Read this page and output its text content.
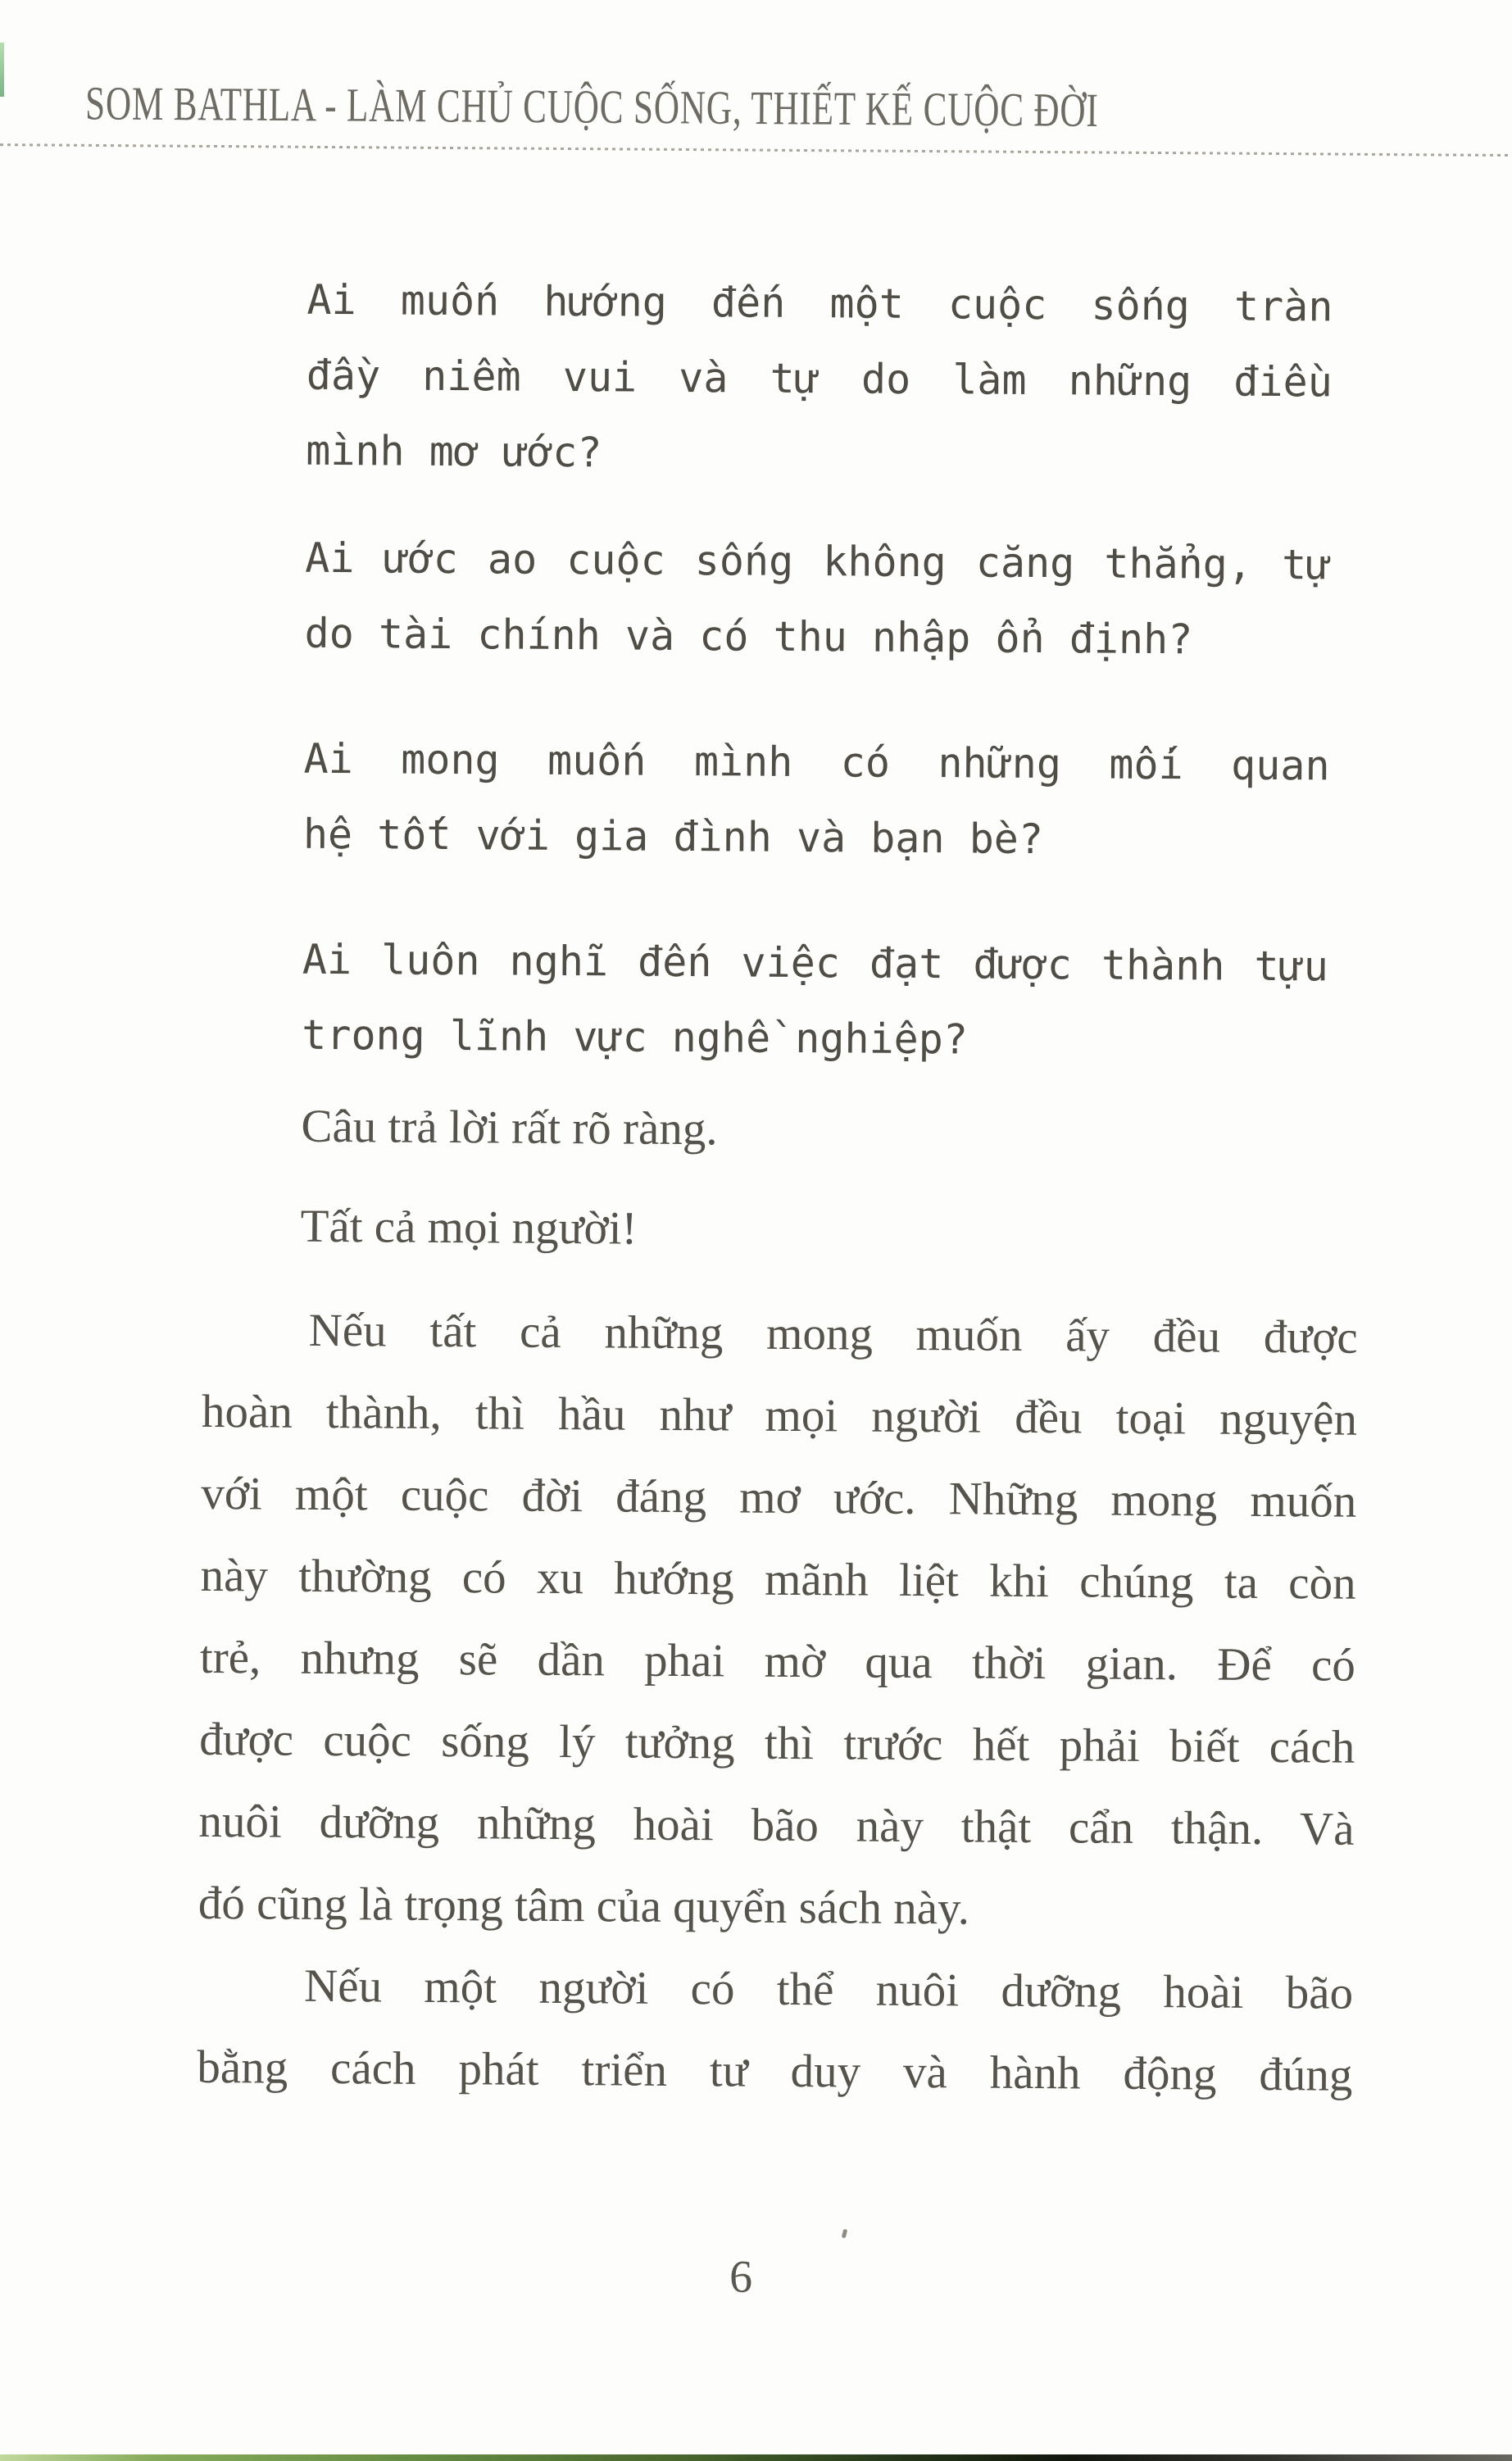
SOM BATHLA - LÀM CHỦ CUỘC SỐNG, THIẾT KẾ CUỘC ĐỜI

Ai muốn hướng đến một cuộc sống tràn
đầy niềm vui và tự do làm những điều
mình mơ ước?

Ai ước ao cuộc sống không căng thẳng, tự
do tài chính và có thu nhập ổn định?

Ai mong muốn mình có những mối quan
hệ tốt với gia đình và bạn bè?

Ai luôn nghĩ đến việc đạt được thành tựu
trong lĩnh vực nghề nghiệp?

Câu trả lời rất rõ ràng.

Tất cả mọi người!

Nếu tất cả những mong muốn ấy đều được
hoàn thành, thì hầu như mọi người đều toại nguyện
với một cuộc đời đáng mơ ước. Những mong muốn
này thường có xu hướng mãnh liệt khi chúng ta còn
trẻ, nhưng sẽ dần phai mờ qua thời gian. Để có
được cuộc sống lý tưởng thì trước hết phải biết cách
nuôi dưỡng những hoài bão này thật cẩn thận. Và
đó cũng là trọng tâm của quyển sách này.

Nếu một người có thể nuôi dưỡng hoài bão
bằng cách phát triển tư duy và hành động đúng

6
